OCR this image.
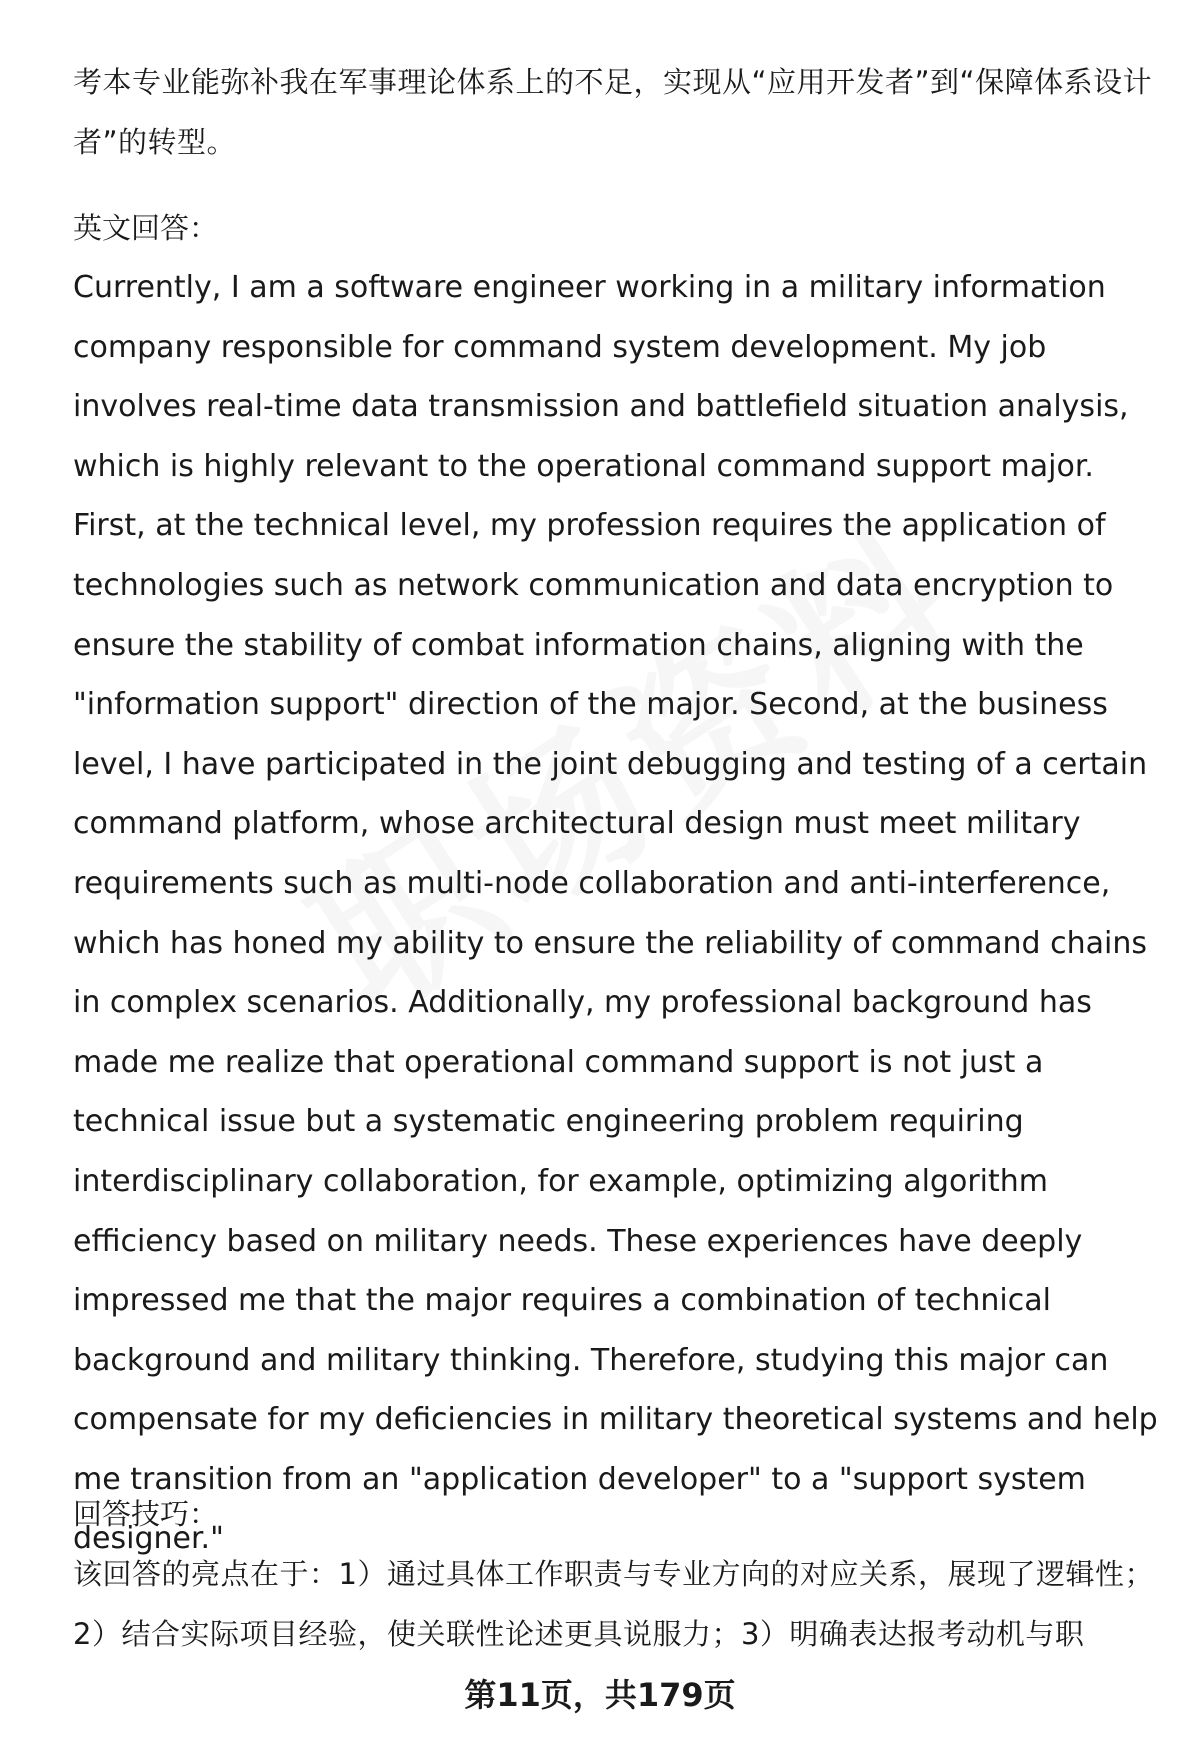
考本专业能弥补我在军事理论体系上的不足，实现从“应用开发者”到“保障体系设计者”的转型。

英文回答：

Currently, I am a software engineer working in a military information company responsible for command system development. My job involves real-time data transmission and battlefield situation analysis, which is highly relevant to the operational command support major. First, at the technical level, my profession requires the application of technologies such as network communication and data encryption to ensure the stability of combat information chains, aligning with the "information support" direction of the major. Second, at the business level, I have participated in the joint debugging and testing of a certain command platform, whose architectural design must meet military requirements such as multi-node collaboration and anti-interference, which has honed my ability to ensure the reliability of command chains in complex scenarios. Additionally, my professional background has made me realize that operational command support is not just a technical issue but a systematic engineering problem requiring interdisciplinary collaboration, for example, optimizing algorithm efficiency based on military needs. These experiences have deeply impressed me that the major requires a combination of technical background and military thinking. Therefore, studying this major can compensate for my deficiencies in military theoretical systems and help me transition from an "application developer" to a "support system designer."

回答技巧：

该回答的亮点在于：1）通过具体工作职责与专业方向的对应关系，展现了逻辑性；2）结合实际项目经验，使关联性论述更具说服力；3）明确表达报考动机与职

第11页，共179页
